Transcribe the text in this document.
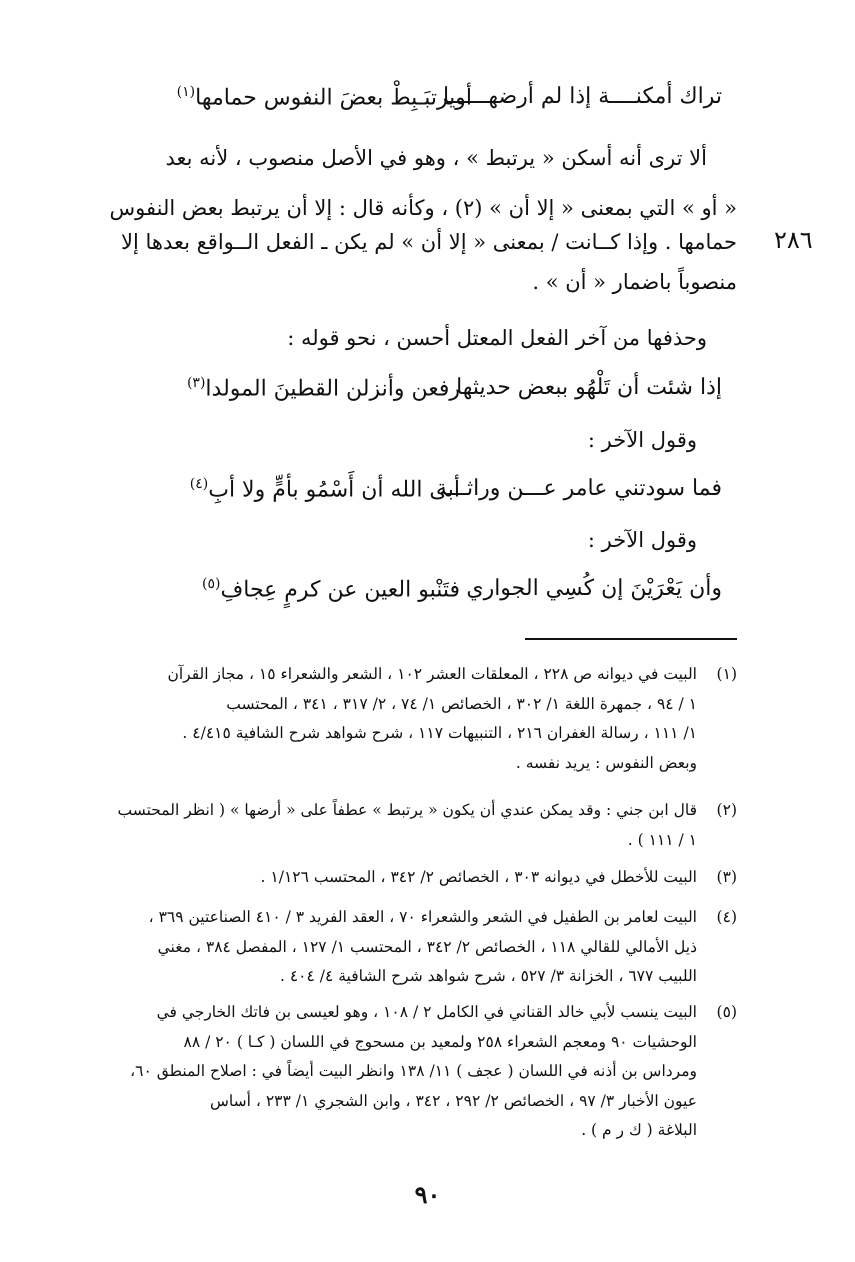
تراك أمكنــــة إذا لم أرضهــــــا
أويرتبَـبِطْ بعضَ النفوس حمامها$^{(١)}$
ألا ترى أنه أسكن « يرتبط » ، وهو في الأصل منصوب ، لأنه بعد
« أو » التي بمعنى « إلا أن » (٢) ، وكأنه قال : إلا أن يرتبط بعض النفوس
حمامها . وإذا كــانت / بمعنى « إلا أن » لم يكن ـ الفعل الــواقع بعدها إلا
منصوباً باضمار « أن » .
٢٨٦
وحذفها من آخر الفعل المعتل أحسن ، نحو قوله :
إذا شئت أن تَلْهُو ببعض حديثها
رفعن وأنزلن القطينَ المولدا$^{(٣)}$
وقول الآخر :
فما سودتني عامر عـــن وراثـــة
أبى الله أن أَسْمُو بأمٍّ ولا أبِ$^{(٤)}$
وقول الآخر :
وأن يَعْرَيْنَ إن كُسِي الجواري
فتَنْبو العين عن كرمٍ عِجافِ$^{(٥)}$
(١)
البيت في ديوانه ص ٢٢٨ ، المعلقات العشر ١٠٢ ، الشعر والشعراء ١٥ ، مجاز القرآن
١ / ٩٤ ، جمهرة اللغة ١/ ٣٠٢ ، الخصائص ١/ ٧٤ ، ٢/ ٣١٧ ، ٣٤١ ، المحتسب
١/ ١١١ ، رسالة الغفران ٢١٦ ، التنبيهات ١١٧ ، شرح شواهد شرح الشافية ٤/٤١٥ .
وبعض النفوس : يريد نفسه .
(٢)
قال ابن جني : وقد يمكن عندي أن يكون « يرتبط » عطفاً على « أرضها » ( انظر المحتسب
١ / ١١١ ) .
(٣)
البيت للأخطل في ديوانه ٣٠٣ ، الخصائص ٢/ ٣٤٢ ، المحتسب ١/١٢٦ .
(٤)
البيت لعامر بن الطفيل في الشعر والشعراء ٧٠ ، العقد الفريد ٣ / ٤١٠ الصناعتين ٣٦٩ ،
ذيل الأمالي للقالي ١١٨ ، الخصائص ٢/ ٣٤٢ ، المحتسب ١/ ١٢٧ ، المفصل ٣٨٤ ، مغني
اللبيب ٦٧٧ ، الخزانة ٣/ ٥٢٧ ، شرح شواهد شرح الشافية ٤/ ٤٠٤ .
(٥)
البيت ينسب لأبي خالد القناني في الكامل ٢ / ١٠٨ ، وهو لعيسى بن فاتك الخارجي في
الوحشيات ٩٠ ومعجم الشعراء ٢٥٨ ولمعيد بن مسحوج في اللسان ( كـا ) ٢٠ / ٨٨
ومرداس بن أذنه في اللسان ( عجف ) ١١/ ١٣٨ وانظر البيت أيضاً في : اصلاح المنطق ٦٠،
عيون الأخبار ٣/ ٩٧ ، الخصائص ٢/ ٢٩٢ ، ٣٤٢ ، وابن الشجري ١/ ٢٣٣ ، أساس
البلاغة ( ك ر م ) .
٩٠
